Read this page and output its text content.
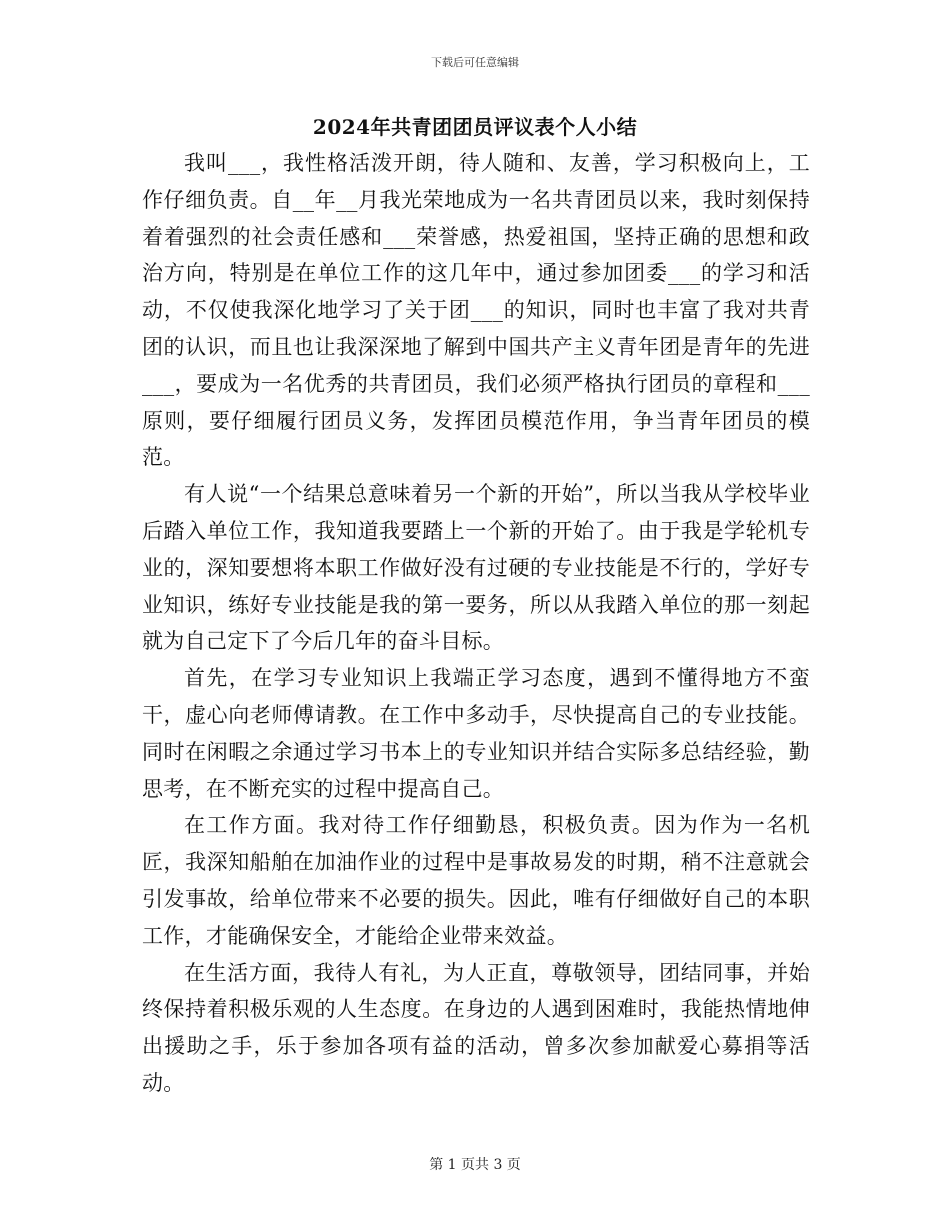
下载后可任意编辑
2024年共青团团员评议表个人小结

我叫___，我性格活泼开朗，待人随和、友善，学习积极向上，工作仔细负责。自__年__月我光荣地成为一名共青团员以来，我时刻保持着着强烈的社会责任感和___荣誉感，热爱祖国，坚持正确的思想和政治方向，特别是在单位工作的这几年中，通过参加团委___的学习和活动，不仅使我深化地学习了关于团___的知识，同时也丰富了我对共青团的认识，而且也让我深深地了解到中国共产主义青年团是青年的先进___，要成为一名优秀的共青团员，我们必须严格执行团员的章程和___原则，要仔细履行团员义务，发挥团员模范作用，争当青年团员的模范。

有人说“一个结果总意味着另一个新的开始”，所以当我从学校毕业后踏入单位工作，我知道我要踏上一个新的开始了。由于我是学轮机专业的，深知要想将本职工作做好没有过硬的专业技能是不行的，学好专业知识，练好专业技能是我的第一要务，所以从我踏入单位的那一刻起就为自己定下了今后几年的奋斗目标。

首先，在学习专业知识上我端正学习态度，遇到不懂得地方不蛮干，虚心向老师傅请教。在工作中多动手，尽快提高自己的专业技能。同时在闲暇之余通过学习书本上的专业知识并结合实际多总结经验，勤思考，在不断充实的过程中提高自己。

在工作方面。我对待工作仔细勤恳，积极负责。因为作为一名机匠，我深知船舶在加油作业的过程中是事故易发的时期，稍不注意就会引发事故，给单位带来不必要的损失。因此，唯有仔细做好自己的本职工作，才能确保安全，才能给企业带来效益。

在生活方面，我待人有礼，为人正直，尊敬领导，团结同事，并始终保持着积极乐观的人生态度。在身边的人遇到困难时，我能热情地伸出援助之手，乐于参加各项有益的活动，曾多次参加献爱心募捐等活动。

第 1 页共 3 页
